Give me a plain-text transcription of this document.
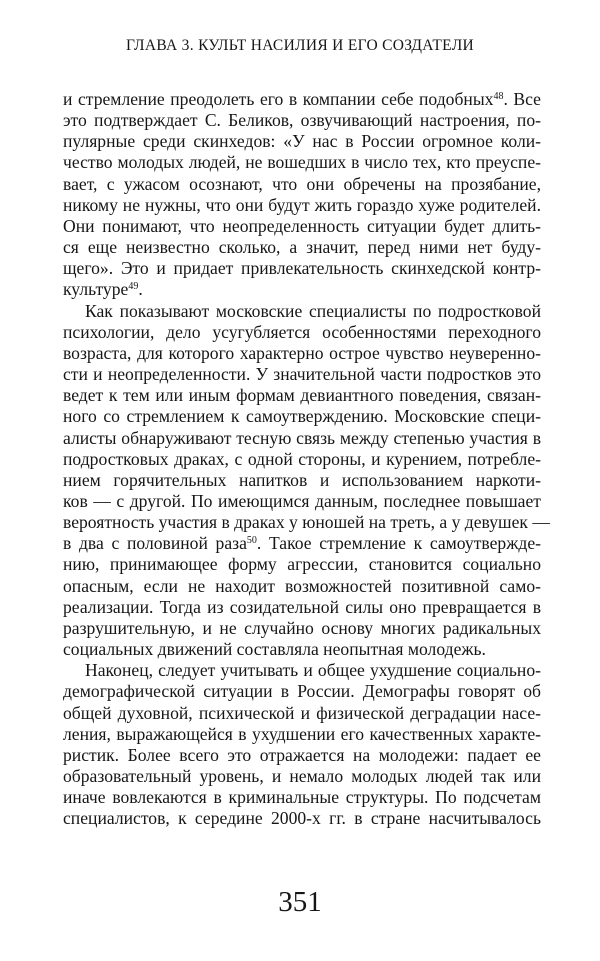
ГЛАВА 3. КУЛЬТ НАСИЛИЯ И ЕГО СОЗДАТЕЛИ
и стремление преодолеть его в компании себе подобных$^{48}$. Все
это подтверждает С. Беликов, озвучивающий настроения, по-
пулярные среди скинхедов: «У нас в России огромное коли-
чество молодых людей, не вошедших в число тех, кто преуспе-
вает, с ужасом осознают, что они обречены на прозябание,
никому не нужны, что они будут жить гораздо хуже родителей.
Они понимают, что неопределенность ситуации будет длить-
ся еще неизвестно сколько, а значит, перед ними нет буду-
щего». Это и придает привлекательность скинхедской контр-
культуре$^{49}$.
Как показывают московские специалисты по подростковой
психологии, дело усугубляется особенностями переходного
возраста, для которого характерно острое чувство неуверенно-
сти и неопределенности. У значительной части подростков это
ведет к тем или иным формам девиантного поведения, связан-
ного со стремлением к самоутверждению. Московские специ-
алисты обнаруживают тесную связь между степенью участия в
подростковых драках, с одной стороны, и курением, потребле-
нием горячительных напитков и использованием наркоти-
ков — с другой. По имеющимся данным, последнее повышает
вероятность участия в драках у юношей на треть, а у девушек —
в два с половиной раза$^{50}$. Такое стремление к самоутвержде-
нию, принимающее форму агрессии, становится социально
опасным, если не находит возможностей позитивной само-
реализации. Тогда из созидательной силы оно превращается в
разрушительную, и не случайно основу многих радикальных
социальных движений составляла неопытная молодежь.
Наконец, следует учитывать и общее ухудшение социально-
демографической ситуации в России. Демографы говорят об
общей духовной, психической и физической деградации насе-
ления, выражающейся в ухудшении его качественных характе-
ристик. Более всего это отражается на молодежи: падает ее
образовательный уровень, и немало молодых людей так или
иначе вовлекаются в криминальные структуры. По подсчетам
специалистов, к середине 2000-х гг. в стране насчитывалось
351
